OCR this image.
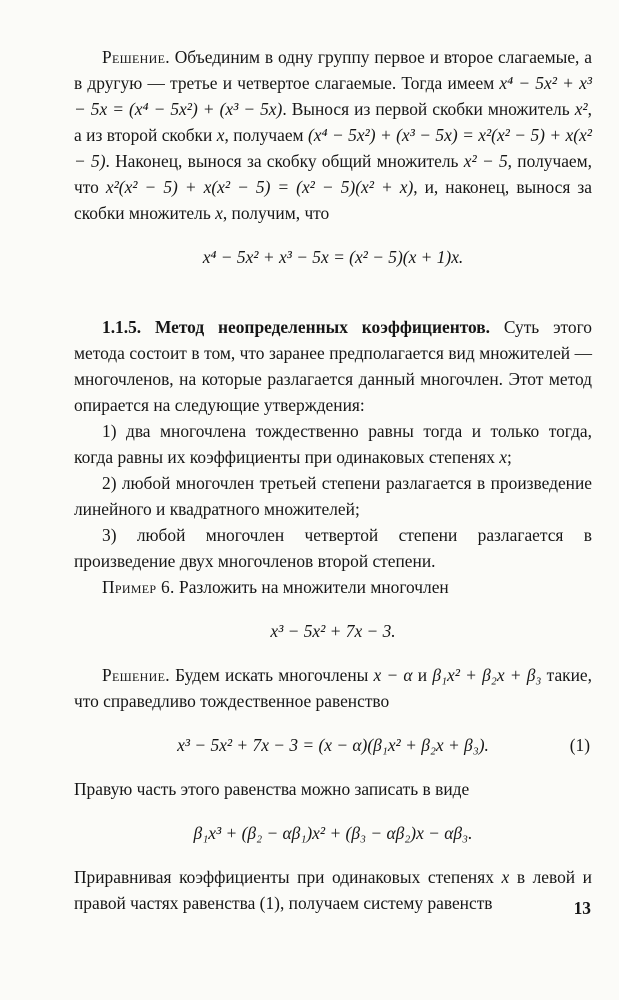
Решение. Объединим в одну группу первое и второе слагаемые, а в другую — третье и четвертое слагаемые. Тогда имеем x⁴ − 5x² + x³ − 5x = (x⁴ − 5x²) + (x³ − 5x). Вынося из первой скобки множитель x², а из второй скобки x, получаем (x⁴ − 5x²) + (x³ − 5x) = x²(x² − 5) + x(x² − 5). Наконец, вынося за скобку общий множитель x² − 5, получаем, что x²(x² − 5) + x(x² − 5) = (x² − 5)(x² + x), и, наконец, вынося за скобки множитель x, получим, что

x⁴ − 5x² + x³ − 5x = (x² − 5)(x + 1)x.

1.1.5. Метод неопределенных коэффициентов. Суть этого метода состоит в том, что заранее предполагается вид множителей — многочленов, на которые разлагается данный многочлен. Этот метод опирается на следующие утверждения:

1) два многочлена тождественно равны тогда и только тогда, когда равны их коэффициенты при одинаковых степенях x;

2) любой многочлен третьей степени разлагается в произведение линейного и квадратного множителей;

3) любой многочлен четвертой степени разлагается в произведение двух многочленов второй степени.

Пример 6. Разложить на множители многочлен

x³ − 5x² + 7x − 3.

Решение. Будем искать многочлены x − α и β₁x² + β₂x + β₃ такие, что справедливо тождественное равенство

x³ − 5x² + 7x − 3 = (x − α)(β₁x² + β₂x + β₃).	(1)

Правую часть этого равенства можно записать в виде

β₁x³ + (β₂ − αβ₁)x² + (β₃ − αβ₂)x − αβ₃.

Приравнивая коэффициенты при одинаковых степенях x в левой и правой частях равенства (1), получаем систему равенств	13
